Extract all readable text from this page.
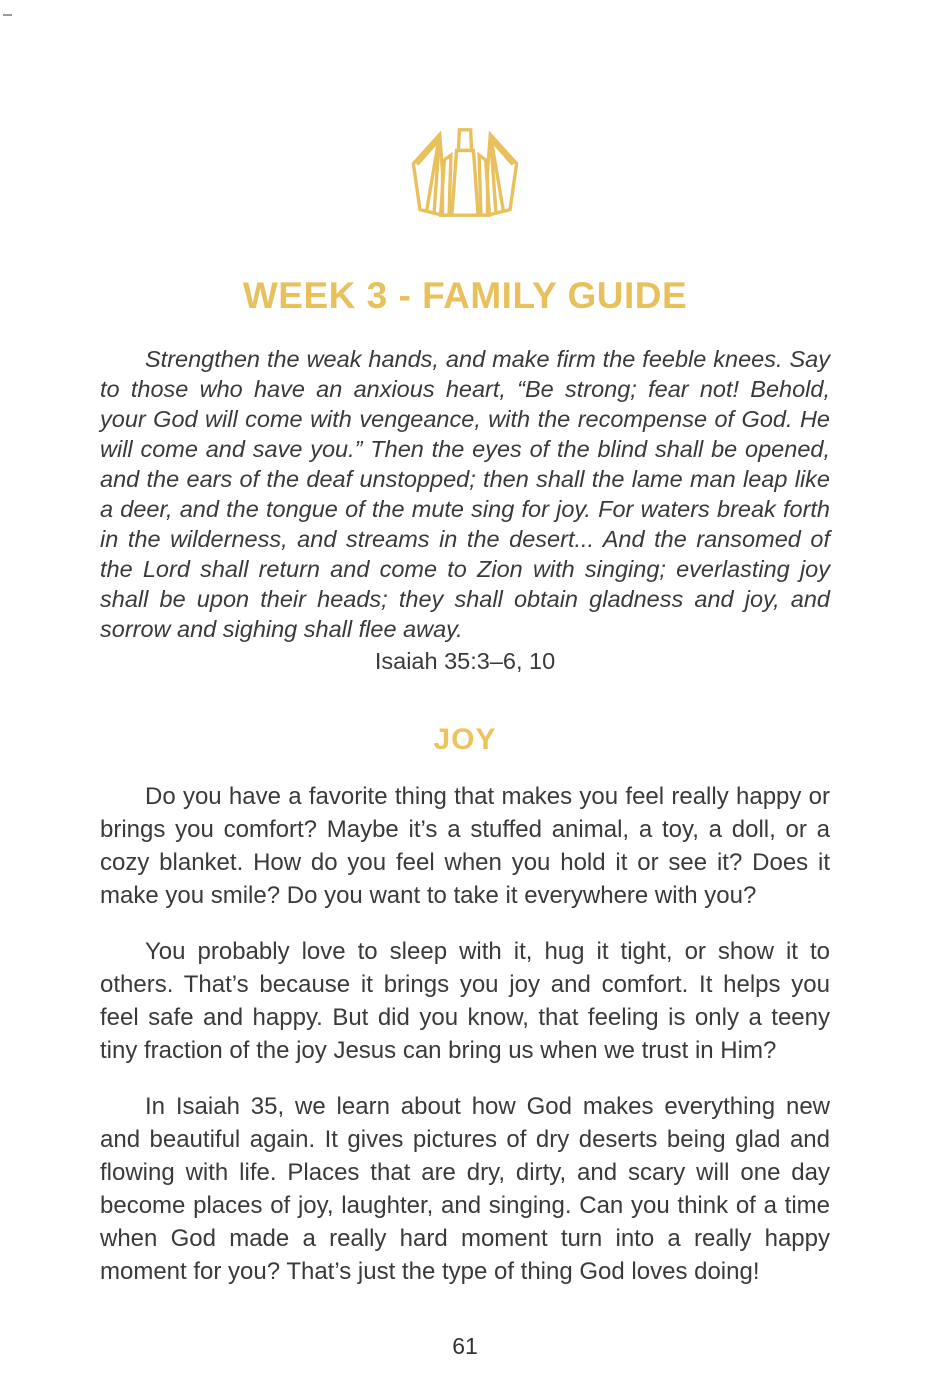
WEEK 3 - FAMILY GUIDE

Strengthen the weak hands, and make firm the feeble knees. Say to those who have an anxious heart, “Be strong; fear not! Behold, your God will come with vengeance, with the recompense of God. He will come and save you.” Then the eyes of the blind shall be opened, and the ears of the deaf unstopped; then shall the lame man leap like a deer, and the tongue of the mute sing for joy. For waters break forth in the wilderness, and streams in the desert... And the ransomed of the Lord shall return and come to Zion with singing; everlasting joy shall be upon their heads; they shall obtain gladness and joy, and sorrow and sighing shall flee away.

Isaiah 35:3–6, 10

JOY

Do you have a favorite thing that makes you feel really happy or brings you comfort? Maybe it’s a stuffed animal, a toy, a doll, or a cozy blanket. How do you feel when you hold it or see it? Does it make you smile? Do you want to take it everywhere with you?

You probably love to sleep with it, hug it tight, or show it to others. That’s because it brings you joy and comfort. It helps you feel safe and happy. But did you know, that feeling is only a teeny tiny fraction of the joy Jesus can bring us when we trust in Him?

In Isaiah 35, we learn about how God makes everything new and beautiful again. It gives pictures of dry deserts being glad and flowing with life. Places that are dry, dirty, and scary will one day become places of joy, laughter, and singing. Can you think of a time when God made a really hard moment turn into a really happy moment for you? That’s just the type of thing God loves doing!

61
